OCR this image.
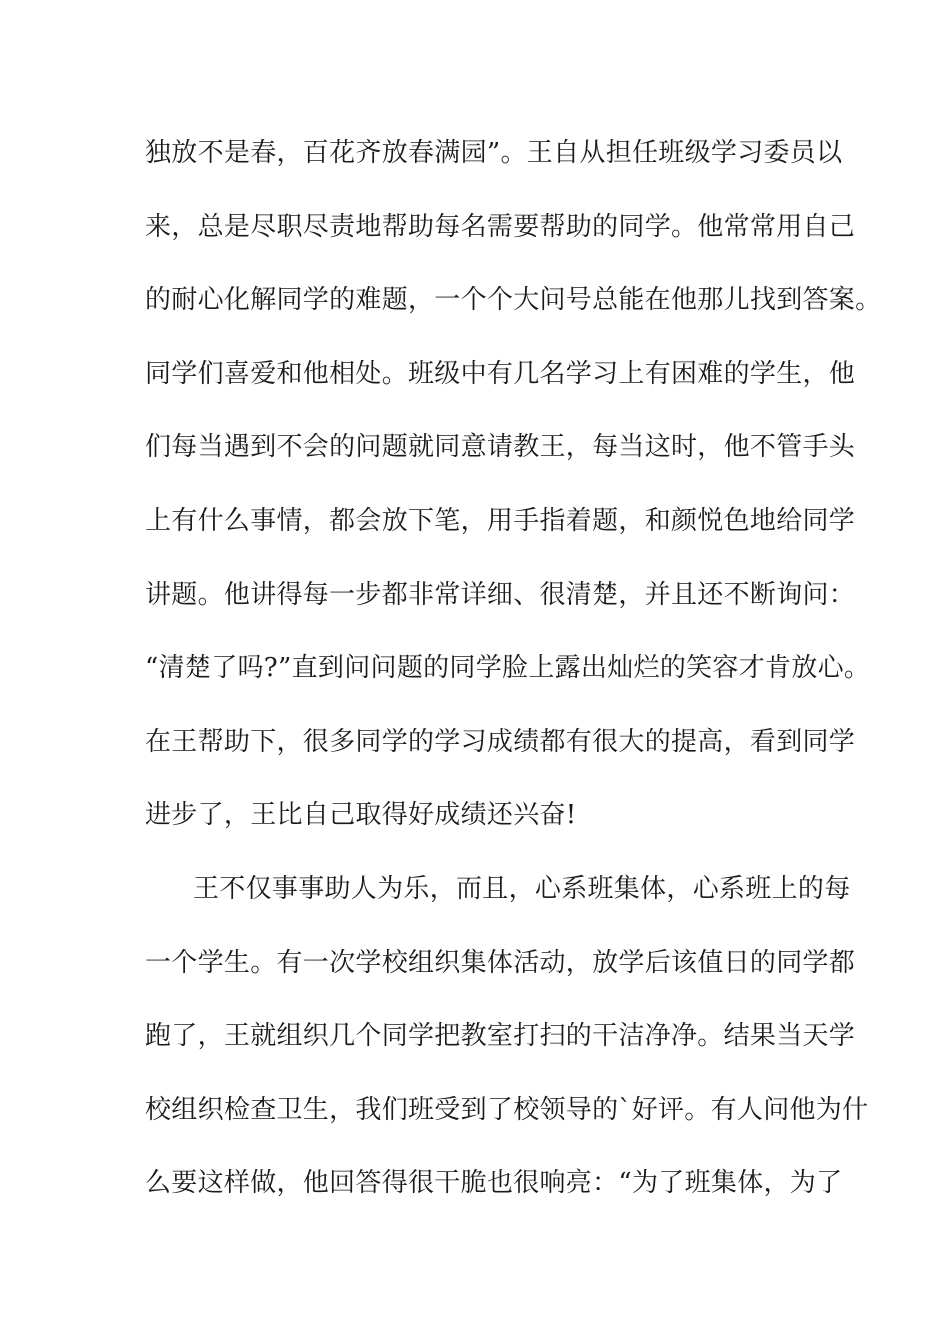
独放不是春，百花齐放春满园”。王自从担任班级学习委员以
来，总是尽职尽责地帮助每名需要帮助的同学。他常常用自己
的耐心化解同学的难题，一个个大问号总能在他那儿找到答案。
同学们喜爱和他相处。班级中有几名学习上有困难的学生，他
们每当遇到不会的问题就同意请教王，每当这时，他不管手头
上有什么事情，都会放下笔，用手指着题，和颜悦色地给同学
讲题。他讲得每一步都非常详细、很清楚，并且还不断询问：
“清楚了吗?”直到问问题的同学脸上露出灿烂的笑容才肯放心。
在王帮助下，很多同学的学习成绩都有很大的提高，看到同学
进步了，王比自己取得好成绩还兴奋!
王不仅事事助人为乐，而且，心系班集体，心系班上的每
一个学生。有一次学校组织集体活动，放学后该值日的同学都
跑了，王就组织几个同学把教室打扫的干洁净净。结果当天学
校组织检查卫生，我们班受到了校领导的`好评。有人问他为什
么要这样做，他回答得很干脆也很响亮：“为了班集体，为了
